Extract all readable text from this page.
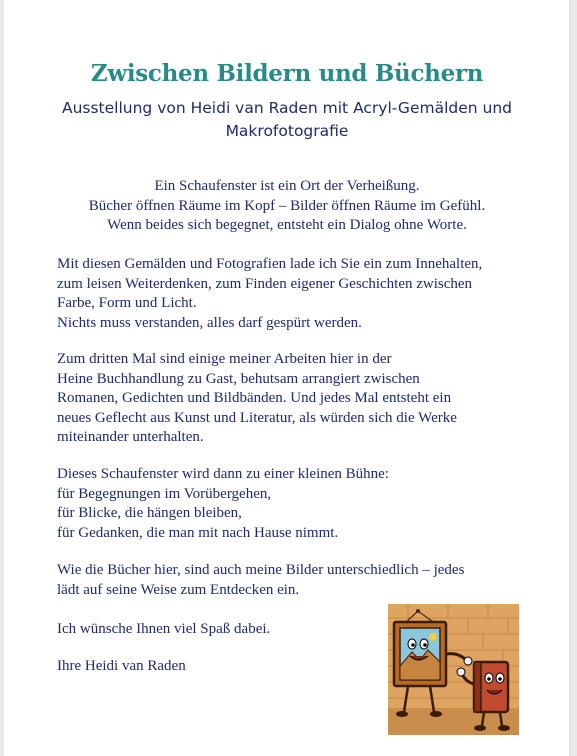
Zwischen Bildern und Büchern

Ausstellung von Heidi van Raden mit Acryl-Gemälden und Makrofotografie

Ein Schaufenster ist ein Ort der Verheißung.
Bücher öffnen Räume im Kopf – Bilder öffnen Räume im Gefühl.
Wenn beides sich begegnet, entsteht ein Dialog ohne Worte.

Mit diesen Gemälden und Fotografien lade ich Sie ein zum Innehalten,
zum leisen Weiterdenken, zum Finden eigener Geschichten zwischen
Farbe, Form und Licht.
Nichts muss verstanden, alles darf gespürt werden.

Zum dritten Mal sind einige meiner Arbeiten hier in der
Heine Buchhandlung zu Gast, behutsam arrangiert zwischen
Romanen, Gedichten und Bildbänden. Und jedes Mal entsteht ein
neues Geflecht aus Kunst und Literatur, als würden sich die Werke
miteinander unterhalten.

Dieses Schaufenster wird dann zu einer kleinen Bühne:
für Begegnungen im Vorübergehen,
für Blicke, die hängen bleiben,
für Gedanken, die man mit nach Hause nimmt.

Wie die Bücher hier, sind auch meine Bilder unterschiedlich – jedes
lädt auf seine Weise zum Entdecken ein.

Ich wünsche Ihnen viel Spaß dabei.

Ihre Heidi van Raden
